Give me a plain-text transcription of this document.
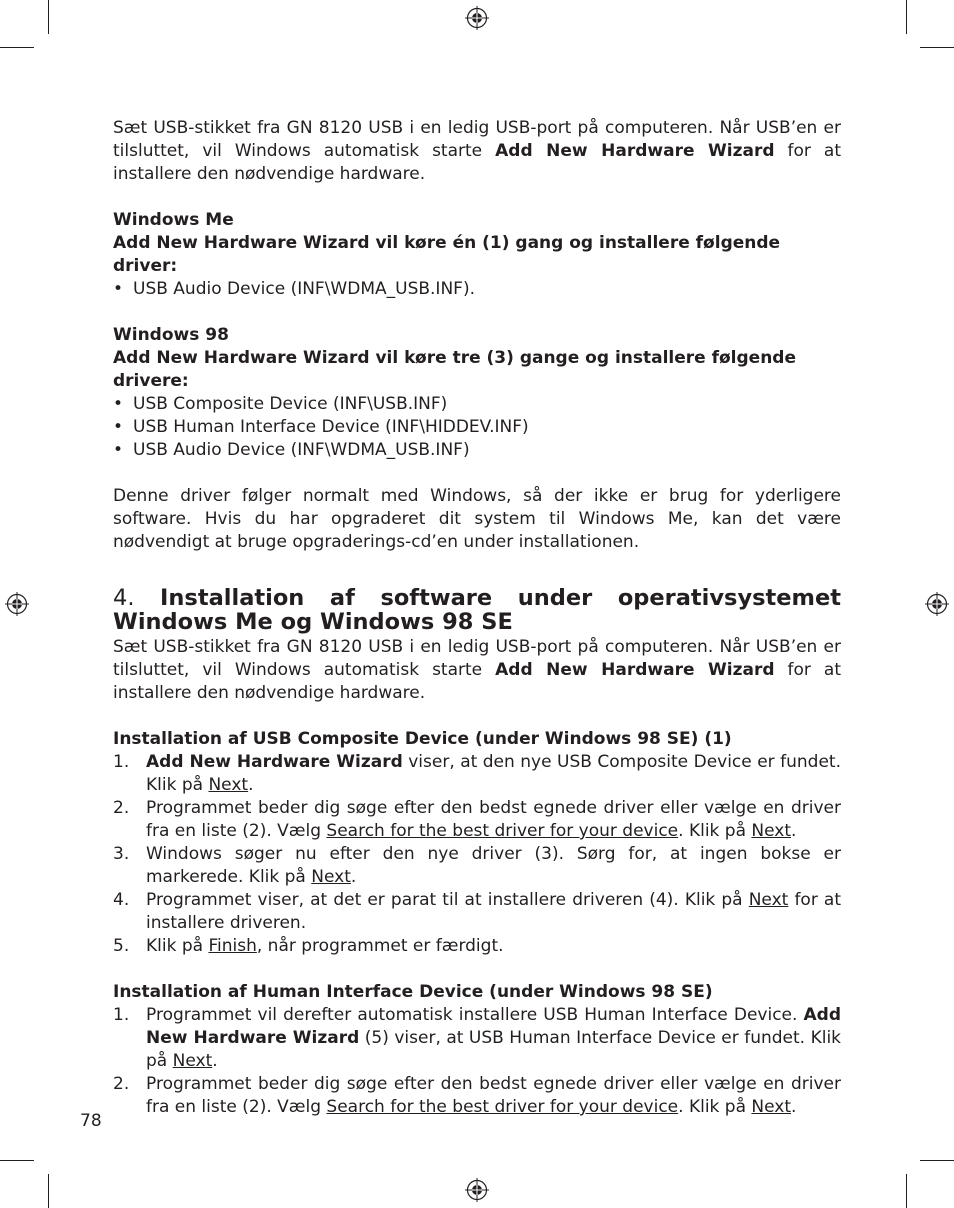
Sæt USB-stikket fra GN 8120 USB i en ledig USB-port på computeren. Når USB’en er tilsluttet, vil Windows automatisk starte Add New Hardware Wizard for at installere den nødvendige hardware.

Windows Me
Add New Hardware Wizard vil køre én (1) gang og installere følgende driver:
• USB Audio Device (INF\WDMA_USB.INF).
Windows 98
Add New Hardware Wizard vil køre tre (3) gange og installere følgende drivere:
• USB Composite Device (INF\USB.INF)
• USB Human Interface Device (INF\HIDDEV.INF)
• USB Audio Device (INF\WDMA_USB.INF)

Denne driver følger normalt med Windows, så der ikke er brug for yderligere software. Hvis du har opgraderet dit system til Windows Me, kan det være nødvendigt at bruge opgraderings-cd’en under installationen.

4. Installation af software under operativsystemet Windows Me og Windows 98 SE

Sæt USB-stikket fra GN 8120 USB i en ledig USB-port på computeren. Når USB’en er tilsluttet, vil Windows automatisk starte Add New Hardware Wizard for at installere den nødvendige hardware.

Installation af USB Composite Device (under Windows 98 SE) (1)
1. Add New Hardware Wizard viser, at den nye USB Composite Device er fundet. Klik på Next.
2. Programmet beder dig søge efter den bedst egnede driver eller vælge en driver fra en liste (2). Vælg Search for the best driver for your device. Klik på Next.
3. Windows søger nu efter den nye driver (3). Sørg for, at ingen bokse er markerede. Klik på Next.
4. Programmet viser, at det er parat til at installere driveren (4). Klik på Next for at installere driveren.
5. Klik på Finish, når programmet er færdigt.
Installation af Human Interface Device (under Windows 98 SE)
1. Programmet vil derefter automatisk installere USB Human Interface Device. Add New Hardware Wizard (5) viser, at USB Human Interface Device er fundet. Klik på Next.
2. Programmet beder dig søge efter den bedst egnede driver eller vælge en driver fra en liste (2). Vælg Search for the best driver for your device. Klik på Next.
78
